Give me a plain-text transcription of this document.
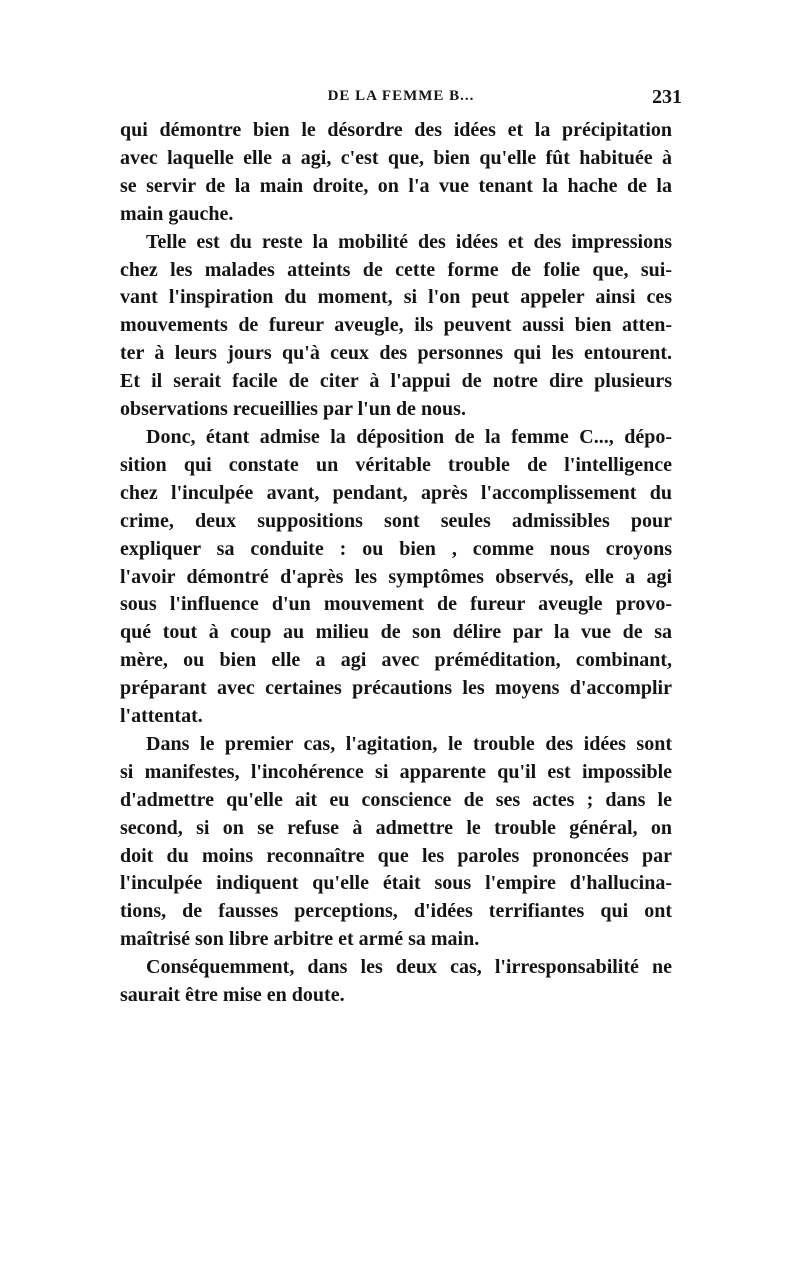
DE LA FEMME B...	231

qui démontre bien le désordre des idées et la précipitation
avec laquelle elle a agi, c'est que, bien qu'elle fût habituée à
se servir de la main droite, on l'a vue tenant la hache de la
main gauche.

Telle est du reste la mobilité des idées et des impressions
chez les malades atteints de cette forme de folie que, sui-
vant l'inspiration du moment, si l'on peut appeler ainsi ces
mouvements de fureur aveugle, ils peuvent aussi bien atten-
ter à leurs jours qu'à ceux des personnes qui les entourent.
Et il serait facile de citer à l'appui de notre dire plusieurs
observations recueillies par l'un de nous.

Donc, étant admise la déposition de la femme C..., dépo-
sition qui constate un véritable trouble de l'intelligence
chez l'inculpée avant, pendant, après l'accomplissement du
crime, deux suppositions sont seules admissibles pour
expliquer sa conduite : ou bien , comme nous croyons
l'avoir démontré d'après les symptômes observés, elle a agi
sous l'influence d'un mouvement de fureur aveugle provo-
qué tout à coup au milieu de son délire par la vue de sa
mère, ou bien elle a agi avec préméditation, combinant,
préparant avec certaines précautions les moyens d'accomplir
l'attentat.

Dans le premier cas, l'agitation, le trouble des idées sont
si manifestes, l'incohérence si apparente qu'il est impossible
d'admettre qu'elle ait eu conscience de ses actes ; dans le
second, si on se refuse à admettre le trouble général, on
doit du moins reconnaître que les paroles prononcées par
l'inculpée indiquent qu'elle était sous l'empire d'hallucina-
tions, de fausses perceptions, d'idées terrifiantes qui ont
maîtrisé son libre arbitre et armé sa main.

Conséquemment, dans les deux cas, l'irresponsabilité ne
saurait être mise en doute.
